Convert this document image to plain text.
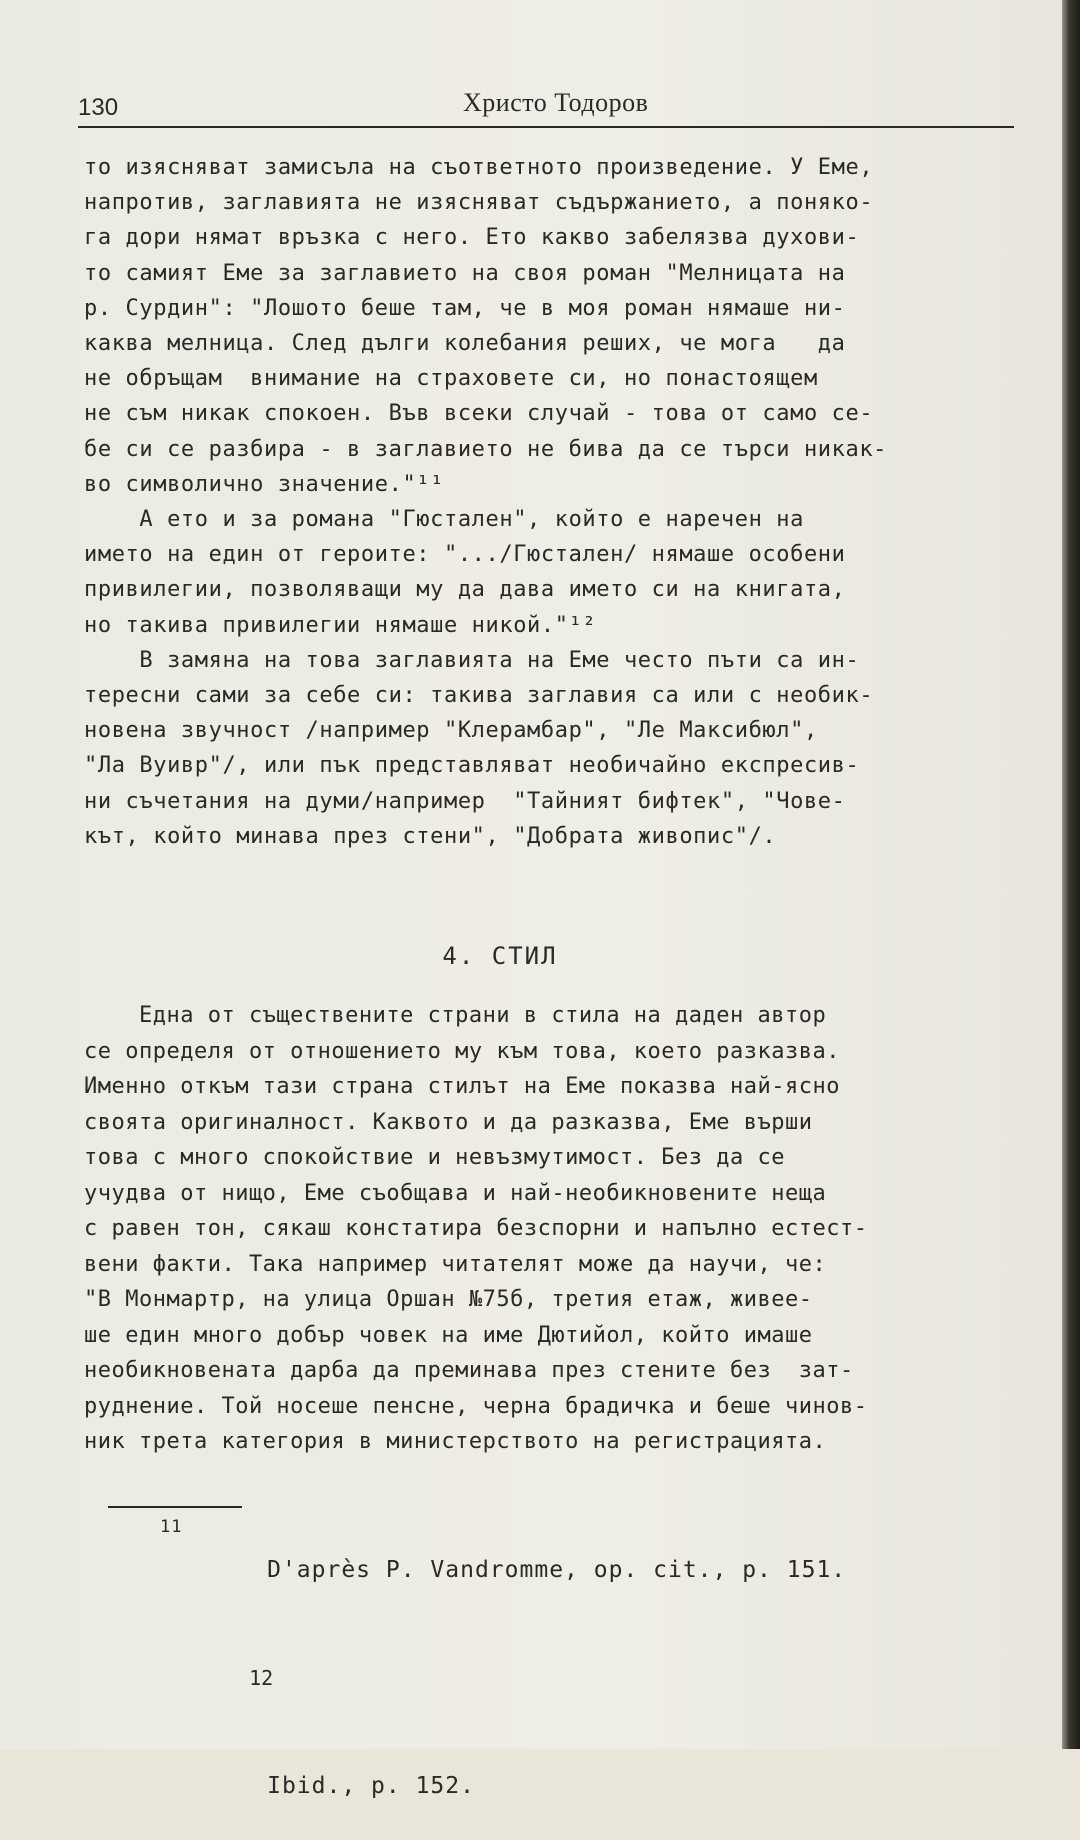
130	Христо Тодоров
то изясняват замисъла на съответното произведение. У Еме,
напротив, заглавията не изясняват съдържанието, а поняко-
га дори нямат връзка с него. Ето какво забелязва духови-
то самият Еме за заглавието на своя роман "Мелницата на
р. Сурдин": "Лошото беше там, че в моя роман нямаше ни-
каква мелница. След дълги колебания реших, че мога   да
не обръщам  внимание на страховете си, но понастоящем
не съм никак спокоен. Във всеки случай - това от само се-
бе си се разбира - в заглавието не бива да се търси никак-
во символично значение."¹¹
А ето и за романа "Гюстален", който е наречен на
името на един от героите: ".../Гюстален/ нямаше особени
привилегии, позволяващи му да дава името си на книгата,
но такива привилегии нямаше никой."¹²
В замяна на това заглавията на Еме често пъти са ин-
тересни сами за себе си: такива заглавия са или с необик-
новена звучност /например "Клерамбар", "Ле Максибюл",
"Ла Вуивр"/, или пък представляват необичайно експресив-
ни съчетания на думи/например  "Тайният бифтек", "Чове-
кът, който минава през стени", "Добрата живопис"/.
4. СТИЛ
Една от съществените страни в стила на даден автор
се определя от отношението му към това, което разказва.
Именно откъм тази страна стилът на Еме показва най-ясно
своята оригиналност. Каквото и да разказва, Еме върши
това с много спокойствие и невъзмутимост. Без да се
учудва от нищо, Еме съобщава и най-необикновените неща
с равен тон, сякаш констатира безспорни и напълно естест-
вени факти. Така например читателят може да научи, че:
"В Монмартр, на улица Оршан №75б, третия етаж, живее-
ше един много добър човек на име Дютийол, който имаше
необикновената дарба да преминава през стените без  зат-
руднение. Той носеше пенсне, черна брадичка и беше чинов-
ник трета категория в министерството на регистрацията.

11
D'après P. Vandromme, op. cit., p. 151.

12

Ibid., p. 152.
